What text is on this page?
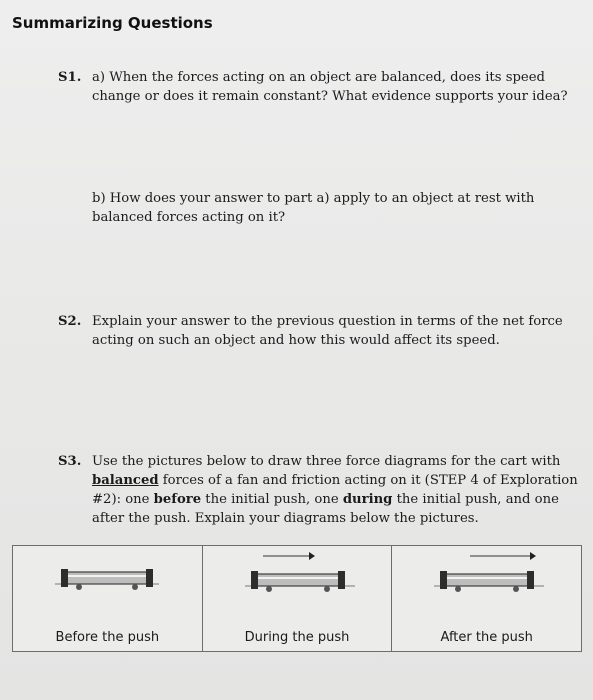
Summarizing Questions
S1. a) When the forces acting on an object are balanced, does its speed change or does it remain constant? What evidence supports your idea?
b) How does your answer to part a) apply to an object at rest with balanced forces acting on it?
S2. Explain your answer to the previous question in terms of the net force acting on such an object and how this would affect its speed.
S3. Use the pictures below to draw three force diagrams for the cart with balanced forces of a fan and friction acting on it (STEP 4 of Exploration #2): one before the initial push, one during the initial push, and one after the push. Explain your diagrams below the pictures.
Before the push	During the push	After the push
